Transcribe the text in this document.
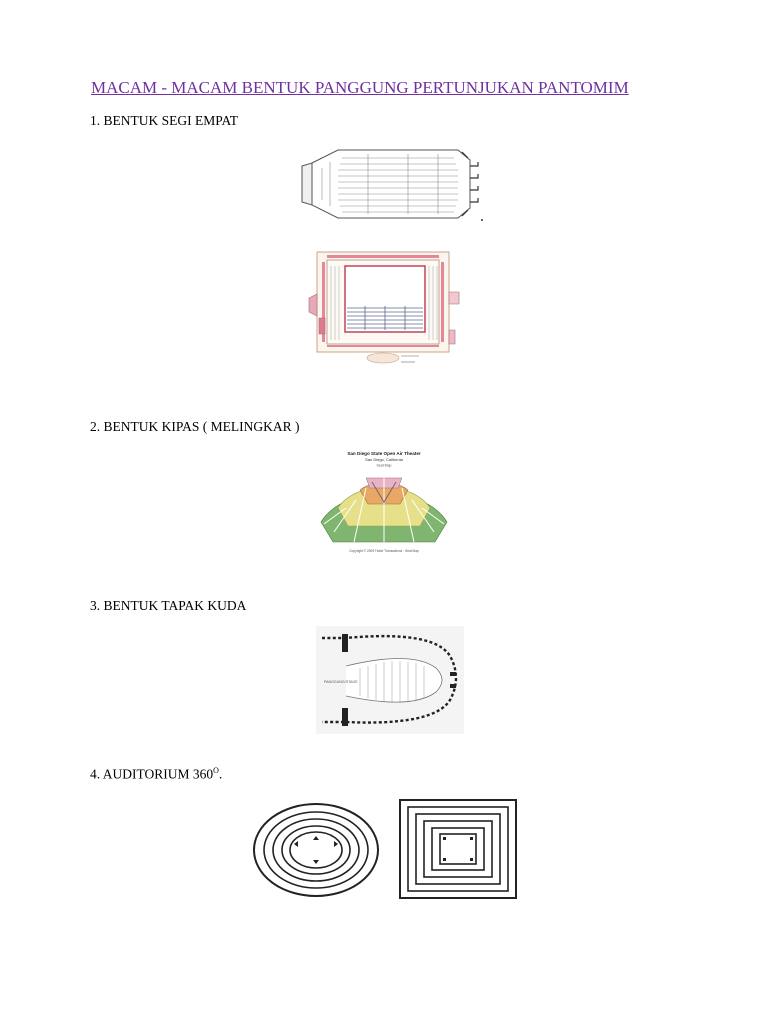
MACAM - MACAM BENTUK PANGGUNG PERTUNJUKAN PANTOMIM

1. BENTUK SEGI EMPAT

2. BENTUK KIPAS ( MELINGKAR )

San Diego State Open Air Theater
San Diego, California
Seat Map
Copyright © 2009 Ticket Transactions · Seat Map

3. BENTUK TAPAK KUDA

PANGGUNG/STAGE

4. AUDITORIUM $360^O$.
